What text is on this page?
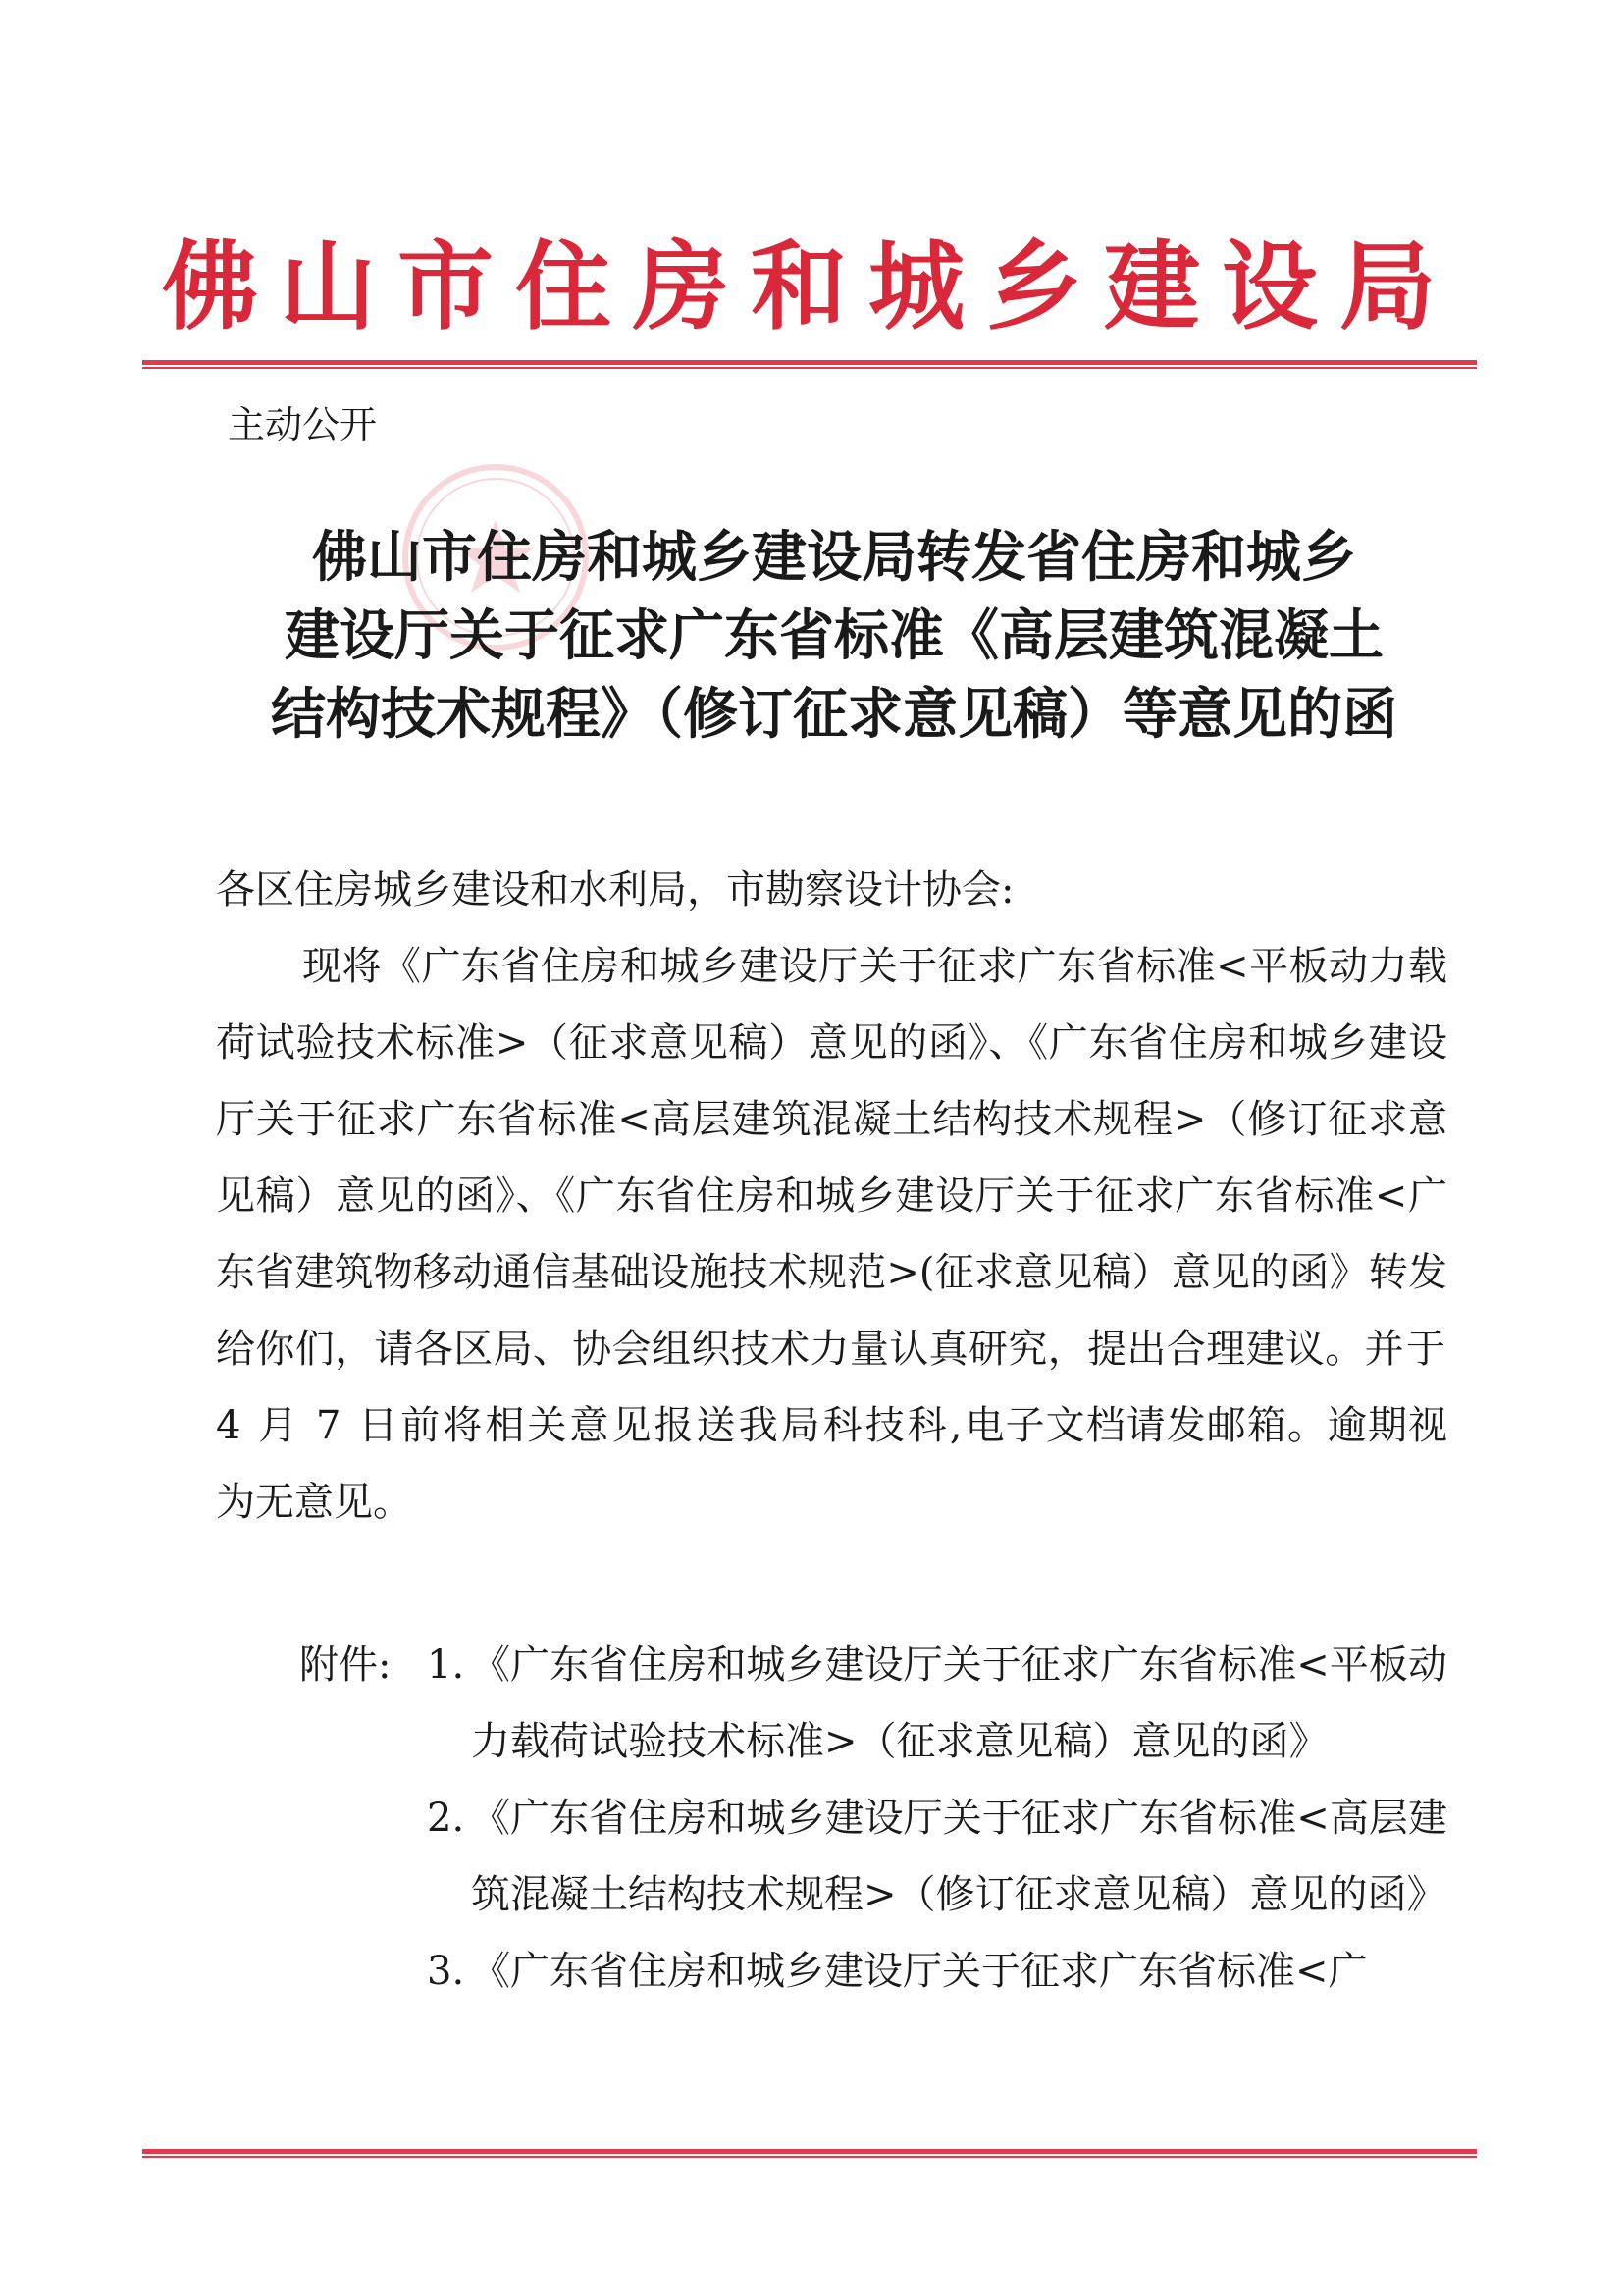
佛山市住房和城乡建设局
主动公开
佛山市住房和城乡建设局转发省住房和城乡
建设厅关于征求广东省标准《高层建筑混凝土
结构技术规程》（修订征求意见稿）等意见的函
各区住房城乡建设和水利局，市勘察设计协会:
现将《广东省住房和城乡建设厅关于征求广东省标准<平板动力载荷试验技术标准>（征求意见稿）意见的函》、《广东省住房和城乡建设厅关于征求广东省标准<高层建筑混凝土结构技术规程>（修订征求意见稿）意见的函》、《广东省住房和城乡建设厅关于征求广东省标准<广东省建筑物移动通信基础设施技术规范>(征求意见稿）意见的函》转发给你们，请各区局、协会组织技术力量认真研究，提出合理建议。并于 4 月 7 日前将相关意见报送我局科技科,电子文档请发邮箱。逾期视为无意见。
附件: 1. 《广东省住房和城乡建设厅关于征求广东省标准<平板动力载荷试验技术标准>（征求意见稿）意见的函》
2. 《广东省住房和城乡建设厅关于征求广东省标准<高层建筑混凝土结构技术规程>（修订征求意见稿）意见的函》
3. 《广东省住房和城乡建设厅关于征求广东省标准<广
